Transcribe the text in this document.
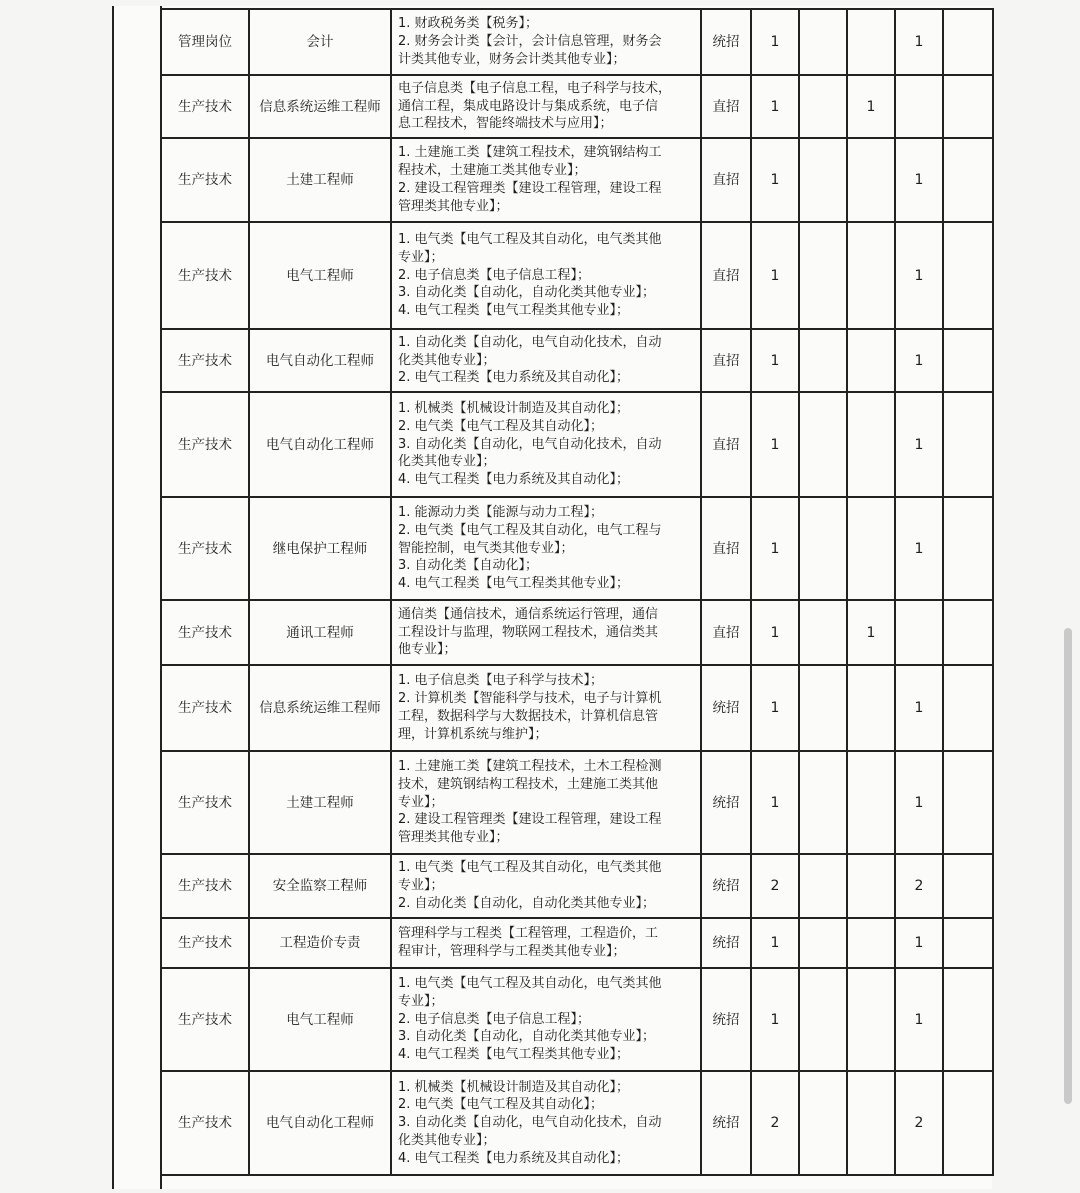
管理岗位	会计	1. 财政税务类【税务】；
2. 财务会计类【会计，会计信息管理，财务会
计类其他专业，财务会计类其他专业】；	统招	1			1	
生产技术	信息系统运维工程师	电子信息类【电子信息工程，电子科学与技术，
通信工程，集成电路设计与集成系统，电子信
息工程技术，智能终端技术与应用】；	直招	1		1		
生产技术	土建工程师	1. 土建施工类【建筑工程技术，建筑钢结构工
程技术，土建施工类其他专业】；
2. 建设工程管理类【建设工程管理，建设工程
管理类其他专业】；	直招	1			1	
生产技术	电气工程师	1. 电气类【电气工程及其自动化，电气类其他
专业】；
2. 电子信息类【电子信息工程】；
3. 自动化类【自动化，自动化类其他专业】；
4. 电气工程类【电气工程类其他专业】；	直招	1			1	
生产技术	电气自动化工程师	1. 自动化类【自动化，电气自动化技术，自动
化类其他专业】；
2. 电气工程类【电力系统及其自动化】；	直招	1			1	
生产技术	电气自动化工程师	1. 机械类【机械设计制造及其自动化】；
2. 电气类【电气工程及其自动化】；
3. 自动化类【自动化，电气自动化技术，自动
化类其他专业】；
4. 电气工程类【电力系统及其自动化】；	直招	1			1	
生产技术	继电保护工程师	1. 能源动力类【能源与动力工程】；
2. 电气类【电气工程及其自动化，电气工程与
智能控制，电气类其他专业】；
3. 自动化类【自动化】；
4. 电气工程类【电气工程类其他专业】；	直招	1			1	
生产技术	通讯工程师	通信类【通信技术，通信系统运行管理，通信
工程设计与监理，物联网工程技术，通信类其
他专业】；	直招	1		1		
生产技术	信息系统运维工程师	1. 电子信息类【电子科学与技术】；
2. 计算机类【智能科学与技术，电子与计算机
工程，数据科学与大数据技术，计算机信息管
理，计算机系统与维护】；	统招	1			1	
生产技术	土建工程师	1. 土建施工类【建筑工程技术，土木工程检测
技术，建筑钢结构工程技术，土建施工类其他
专业】；
2. 建设工程管理类【建设工程管理，建设工程
管理类其他专业】；	统招	1			1	
生产技术	安全监察工程师	1. 电气类【电气工程及其自动化，电气类其他
专业】；
2. 自动化类【自动化，自动化类其他专业】；	统招	2			2	
生产技术	工程造价专责	管理科学与工程类【工程管理，工程造价，工
程审计，管理科学与工程类其他专业】；	统招	1			1	
生产技术	电气工程师	1. 电气类【电气工程及其自动化，电气类其他
专业】；
2. 电子信息类【电子信息工程】；
3. 自动化类【自动化，自动化类其他专业】；
4. 电气工程类【电气工程类其他专业】；	统招	1			1	
生产技术	电气自动化工程师	1. 机械类【机械设计制造及其自动化】；
2. 电气类【电气工程及其自动化】；
3. 自动化类【自动化，电气自动化技术，自动
化类其他专业】；
4. 电气工程类【电力系统及其自动化】；	统招	2			2	
